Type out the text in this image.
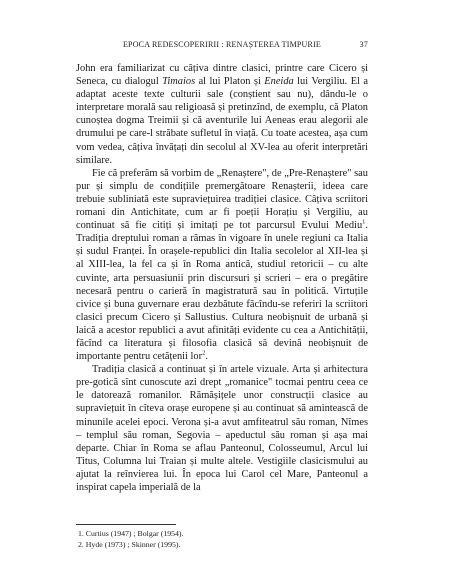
EPOCA REDESCOPERIRII : RENAȘTEREA TIMPURIE	37

John era familiarizat cu câțiva dintre clasici, printre care Cicero și Seneca, cu dialogul Timaios al lui Platon și Eneida lui Vergiliu. El a adaptat aceste texte culturii sale (conștient sau nu), dându-le o interpretare morală sau religioasă și pretinzînd, de exemplu, că Platon cunoștea dogma Treimii și că aventurile lui Aeneas erau alegorii ale drumului pe care-l străbate sufletul în viață. Cu toate acestea, așa cum vom vedea, câțiva învățați din secolul al XV-lea au oferit interpretări similare.

Fie că preferăm să vorbim de „Renaștere", de „Pre-Renaștere" sau pur și simplu de condițiile premergătoare Renașterii, ideea care trebuie subliniată este supraviețuirea tradiției clasice. Câțiva scriitori romani din Antichitate, cum ar fi poeții Horațiu și Vergiliu, au continuat să fie citiți și imitați pe tot parcursul Evului Mediu$^1$. Tradiția dreptului roman a rămas în vigoare în unele regiuni ca Italia și sudul Franței. În orașele-republici din Italia secolelor al XII-lea și al XIII-lea, la fel ca și în Roma antică, studiul retoricii – cu alte cuvinte, arta persuasiunii prin discursuri și scrieri – era o pregătire necesară pentru o carieră în magistratură sau în politică. Virtuțile civice și buna guvernare erau dezbătute făcîndu-se referiri la scriitori clasici precum Cicero și Sallustius. Cultura neobișnuit de urbană și laică a acestor republici a avut afinități evidente cu cea a Antichității, făcînd ca literatura și filosofia clasică să devină neobișnuit de importante pentru cetățenii lor$^2$.

Tradiția clasică a continuat și în artele vizuale. Arta și arhitectura pre-gotică sînt cunoscute azi drept „romanice" tocmai pentru ceea ce le datorează romanilor. Rămășițele unor construcții clasice au supraviețuit în cîteva orașe europene și au continuat să amintească de minunile acelei epoci. Verona și-a avut amfiteatrul său roman, Nîmes – templul său roman, Segovia – apeductul său roman și așa mai departe. Chiar în Roma se aflau Panteonul, Colosseumul, Arcul lui Titus, Columna lui Traian și multe altele. Vestigiile clasicismului au ajutat la reînvierea lui. În epoca lui Carol cel Mare, Panteonul a inspirat capela imperială de la

1. Curtius (1947) ; Bolgar (1954).
2. Hyde (1973) ; Skinner (1995).
